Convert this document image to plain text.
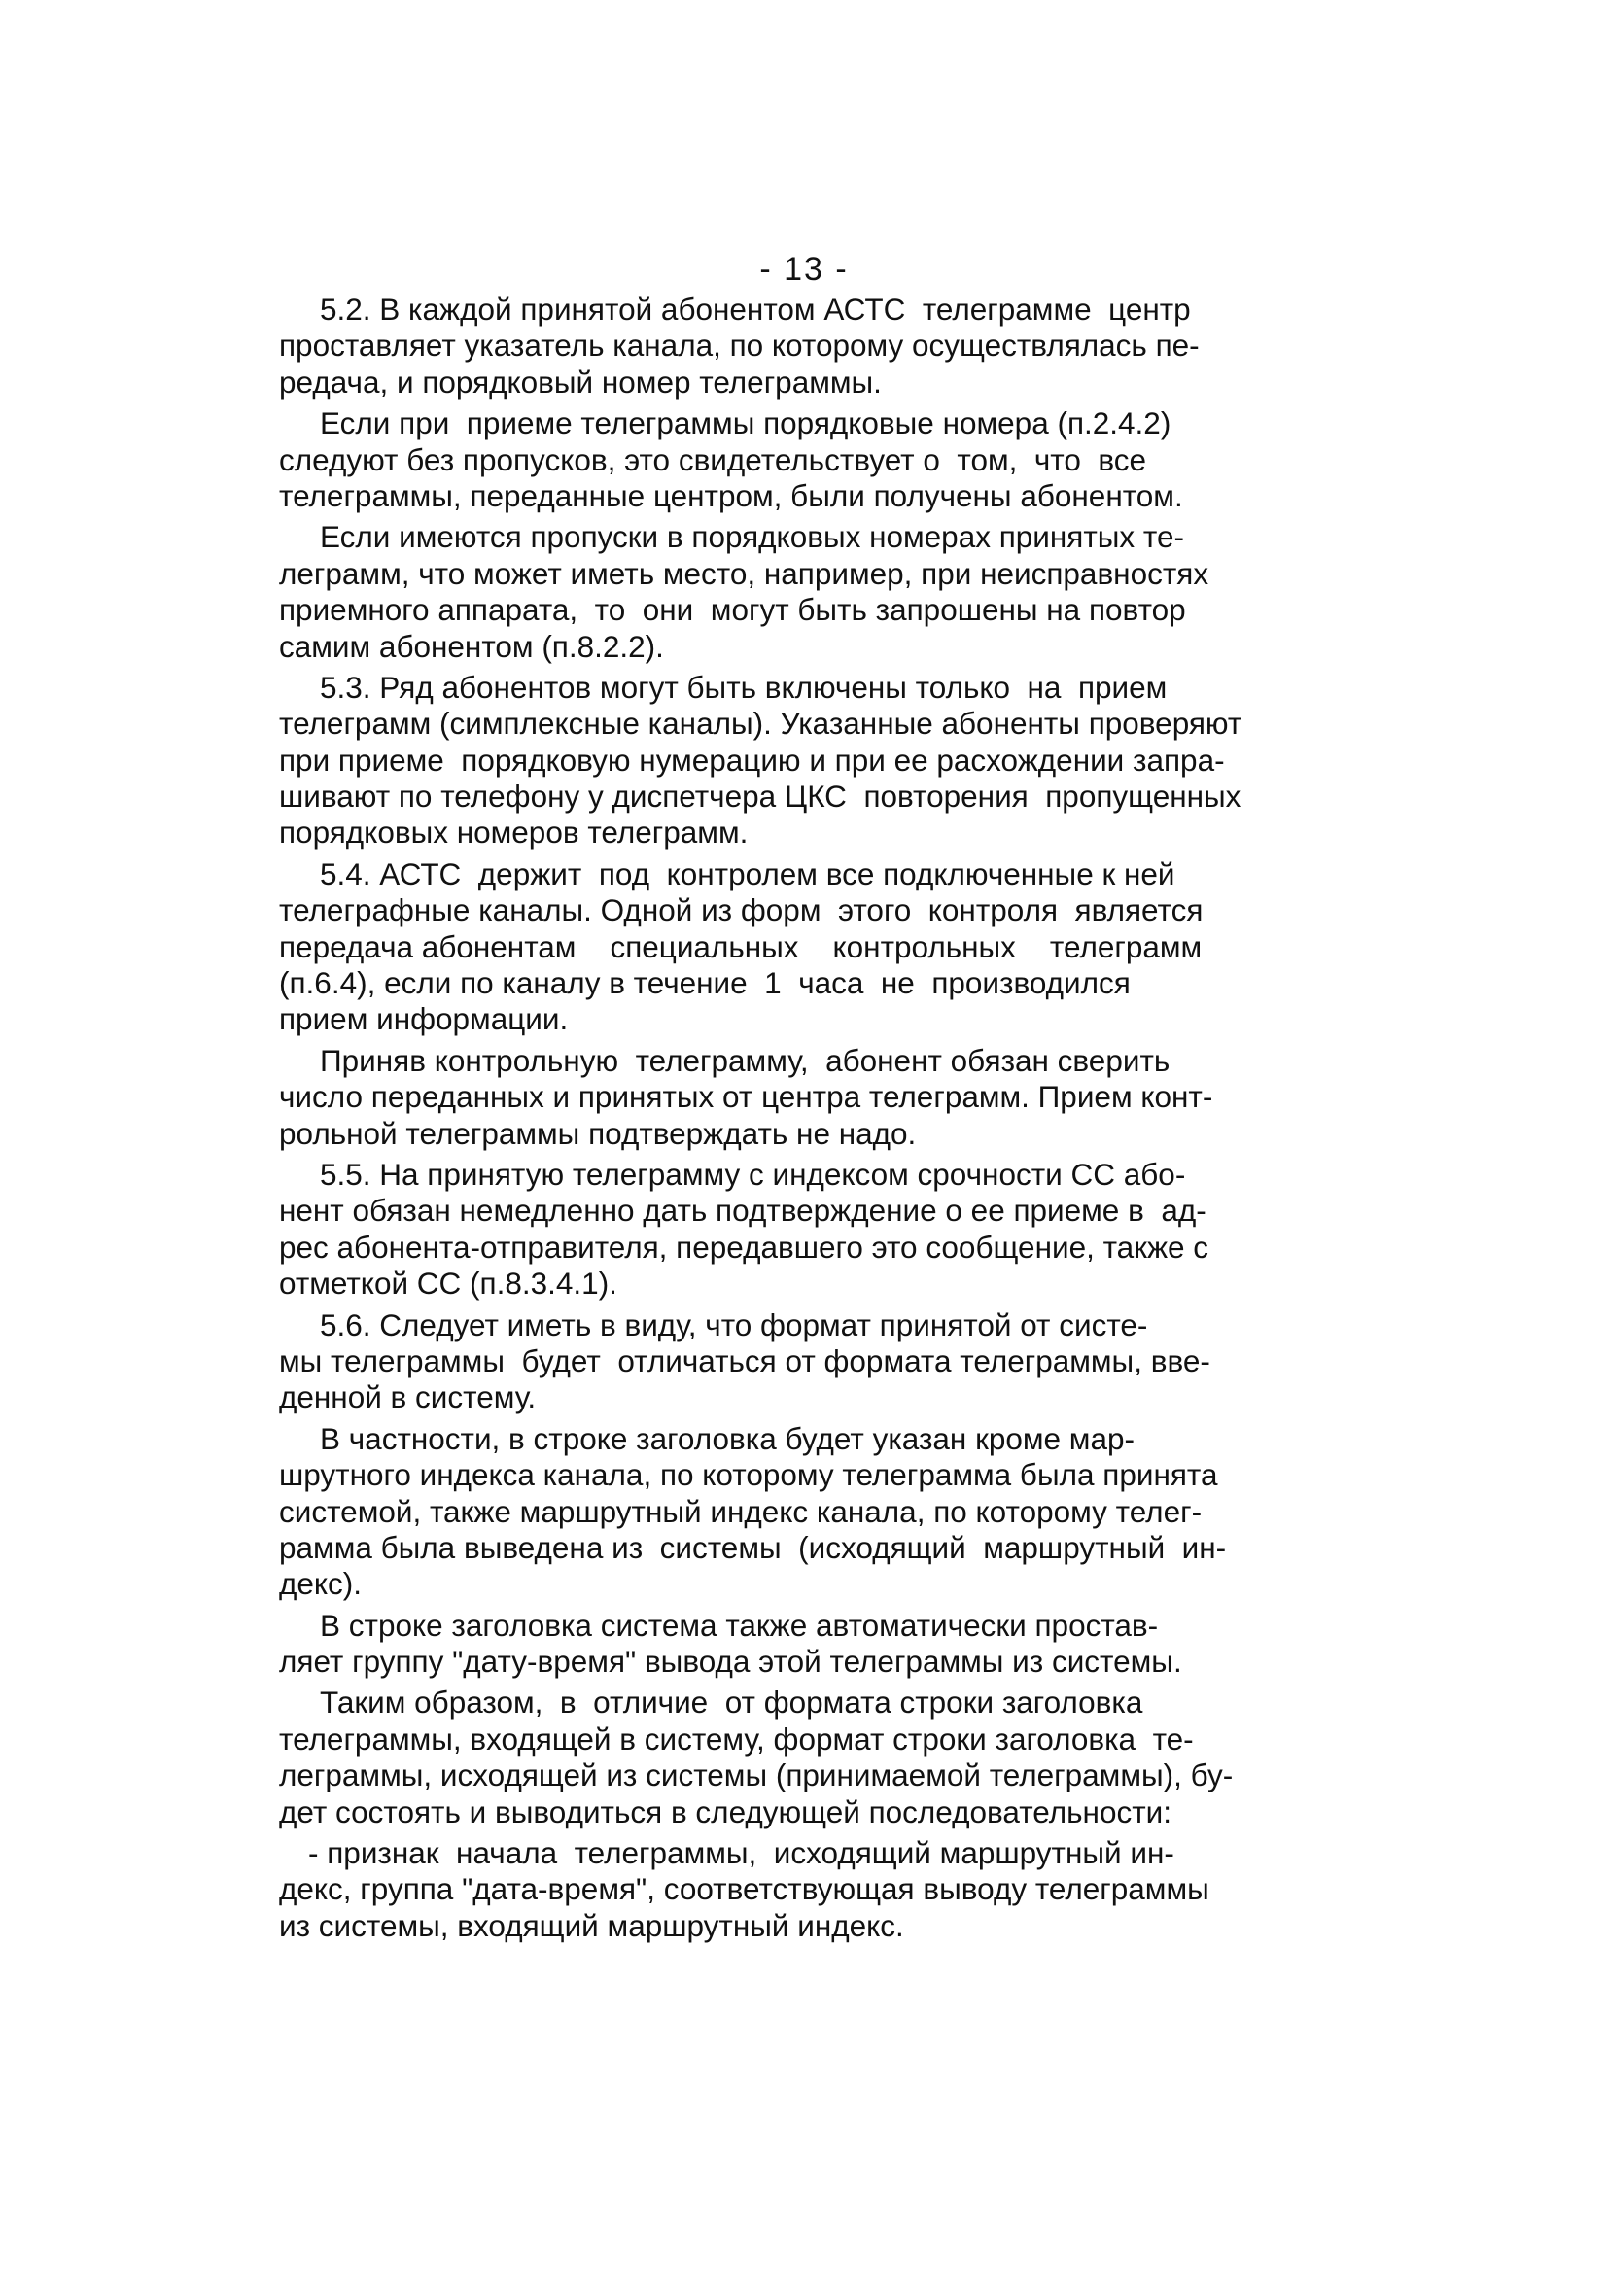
- 13 -
5.2. В каждой принятой абонентом АСТС  телеграмме  центр
проставляет указатель канала, по которому осуществлялась пе-
редача, и порядковый номер телеграммы.
Если при  приеме телеграммы порядковые номера (п.2.4.2)
следуют без пропусков, это свидетельствует о  том,  что  все
телеграммы, переданные центром, были получены абонентом.
Если имеются пропуски в порядковых номерах принятых те-
леграмм, что может иметь место, например, при неисправностях
приемного аппарата,  то  они  могут быть запрошены на повтор
самим абонентом (п.8.2.2).
5.3. Ряд абонентов могут быть включены только  на  прием
телеграмм (симплексные каналы). Указанные абоненты проверяют
при приеме  порядковую нумерацию и при ее расхождении запра-
шивают по телефону у диспетчера ЦКС  повторения  пропущенных
порядковых номеров телеграмм.
5.4. АСТС  держит  под  контролем все подключенные к ней
телеграфные каналы. Одной из форм  этого  контроля  является
передача абонентам    специальных    контрольных    телеграмм
(п.6.4), если по каналу в течение  1  часа  не  производился
прием информации.
Приняв контрольную  телеграмму,  абонент обязан сверить
число переданных и принятых от центра телеграмм. Прием конт-
рольной телеграммы подтверждать не надо.
5.5. На принятую телеграмму с индексом срочности СС або-
нент обязан немедленно дать подтверждение о ее приеме в  ад-
рес абонента-отправителя, передавшего это сообщение, также с
отметкой СС (п.8.3.4.1).
5.6. Следует иметь в виду, что формат принятой от систе-
мы телеграммы  будет  отличаться от формата телеграммы, вве-
денной в систему.
В частности, в строке заголовка будет указан кроме мар-
шрутного индекса канала, по которому телеграмма была принята
системой, также маршрутный индекс канала, по которому телег-
рамма была выведена из  системы  (исходящий  маршрутный  ин-
декс).
В строке заголовка система также автоматически простав-
ляет группу "дату-время" вывода этой телеграммы из системы.
Таким образом,  в  отличие  от формата строки заголовка
телеграммы, входящей в систему, формат строки заголовка  те-
леграммы, исходящей из системы (принимаемой телеграммы), бу-
дет состоять и выводиться в следующей последовательности:
- признак  начала  телеграммы,  исходящий маршрутный ин-
декс, группа "дата-время", соответствующая выводу телеграммы
из системы, входящий маршрутный индекс.
